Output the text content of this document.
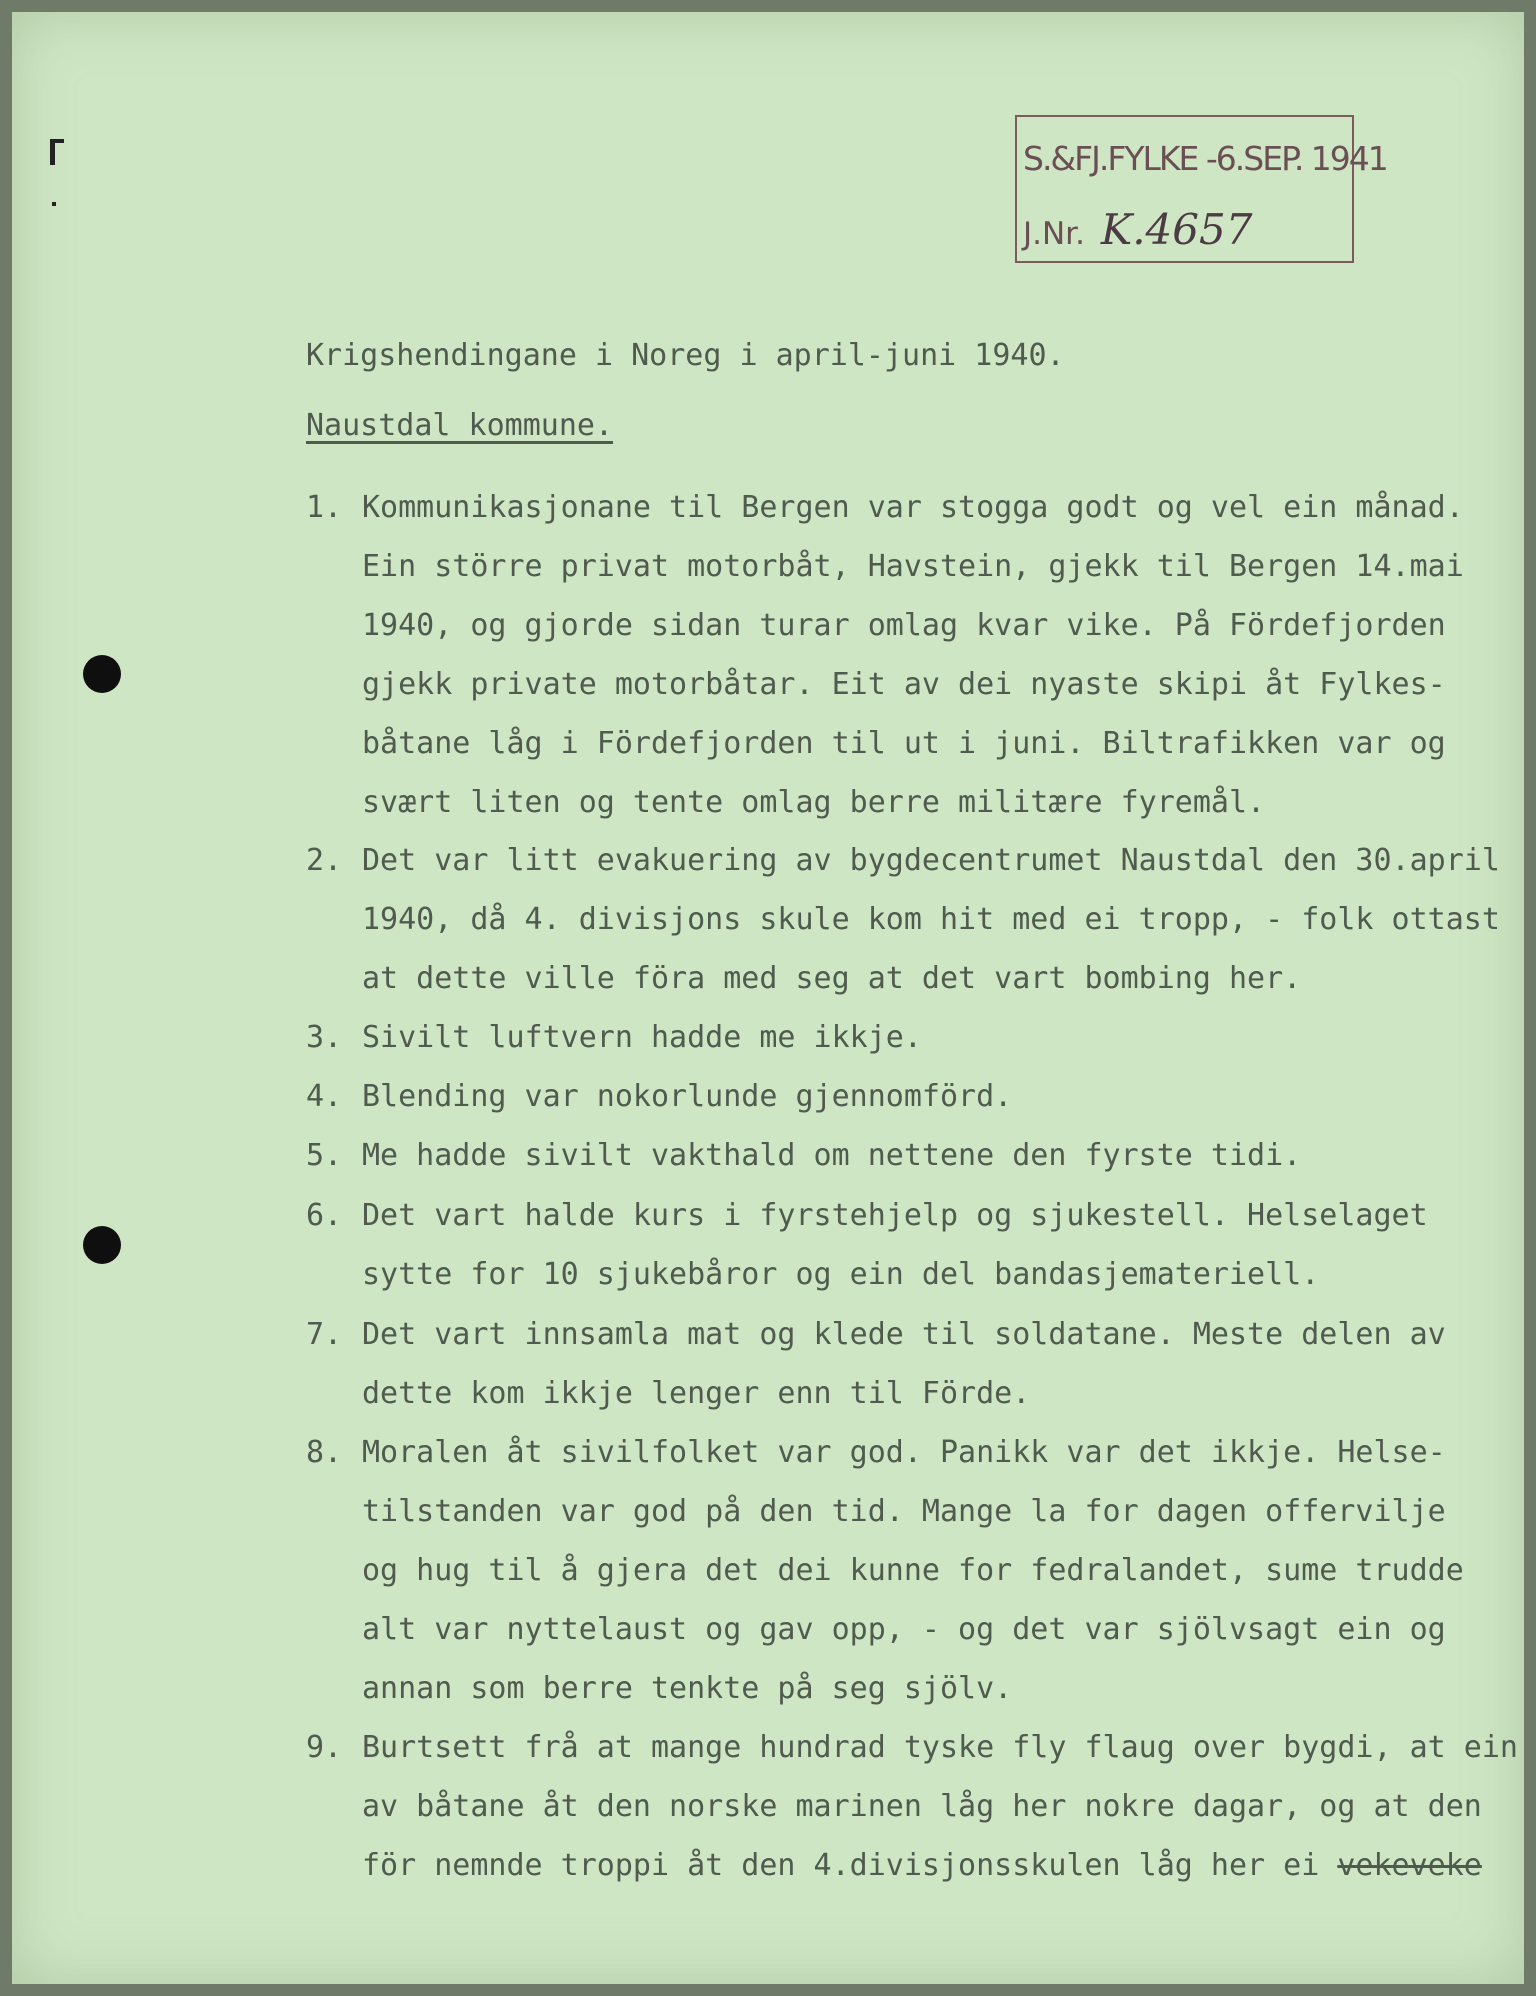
S.&FJ.FYLKE -6.SEP. 1941
J.Nr. K.4657
Krigshendingane i Noreg i april-juni 1940.
Naustdal kommune.
1. Kommunikasjonane til Bergen var stogga godt og vel ein månad.
Ein större privat motorbåt, Havstein, gjekk til Bergen 14.mai
1940, og gjorde sidan turar omlag kvar vike. På Fördefjorden
gjekk private motorbåtar. Eit av dei nyaste skipi åt Fylkes-
båtane låg i Fördefjorden til ut i juni. Biltrafikken var og
svært liten og tente omlag berre militære fyremål.
2. Det var litt evakuering av bygdecentrumet Naustdal den 30.april
1940, då 4. divisjons skule kom hit med ei tropp, - folk ottast
at dette ville föra med seg at det vart bombing her.
3. Sivilt luftvern hadde me ikkje.
4. Blending var nokorlunde gjennomförd.
5. Me hadde sivilt vakthald om nettene den fyrste tidi.
6. Det vart halde kurs i fyrstehjelp og sjukestell. Helselaget
sytte for 10 sjukebåror og ein del bandasjemateriell.
7. Det vart innsamla mat og klede til soldatane. Meste delen av
dette kom ikkje lenger enn til Förde.
8. Moralen åt sivilfolket var god. Panikk var det ikkje. Helse-
tilstanden var god på den tid. Mange la for dagen offervilje
og hug til å gjera det dei kunne for fedralandet, sume trudde
alt var nyttelaust og gav opp, - og det var sjölvsagt ein og
annan som berre tenkte på seg sjölv.
9. Burtsett frå at mange hundrad tyske fly flaug over bygdi, at ein
av båtane åt den norske marinen låg her nokre dagar, og at den
för nemnde troppi åt den 4.divisjonsskulen låg her ei vekeveke
